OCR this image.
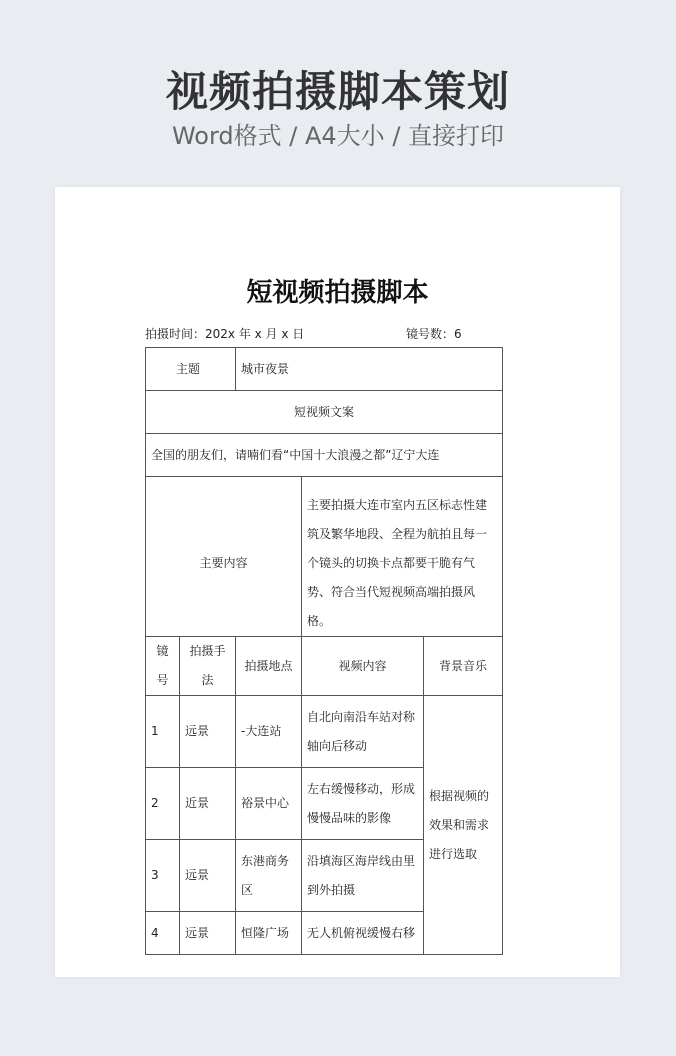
视频拍摄脚本策划
Word格式 / A4大小 / 直接打印
短视频拍摄脚本
拍摄时间：202x 年 x 月 x 日	镜号数：6
主题		城市夜景		
短视频文案				
全国的朋友们，请喃们看“中国十大浪漫之都”辽宁大连				
主要内容			主要拍摄大连市室内五区标志性建筑及繁华地段、全程为航拍且每一个镜头的切换卡点都要干脆有气势、符合当代短视频高端拍摄风格。	
镜号	拍摄手法	拍摄地点	视频内容	背景音乐
1	远景	-大连站	自北向南沿车站对称轴向后移动	根据视频的效果和需求进行选取
2	近景	裕景中心	左右缓慢移动，形成慢慢品味的影像	
3	远景	东港商务区	沿填海区海岸线由里到外拍摄	
4	远景	恒隆广场	无人机俯视缓慢右移	
